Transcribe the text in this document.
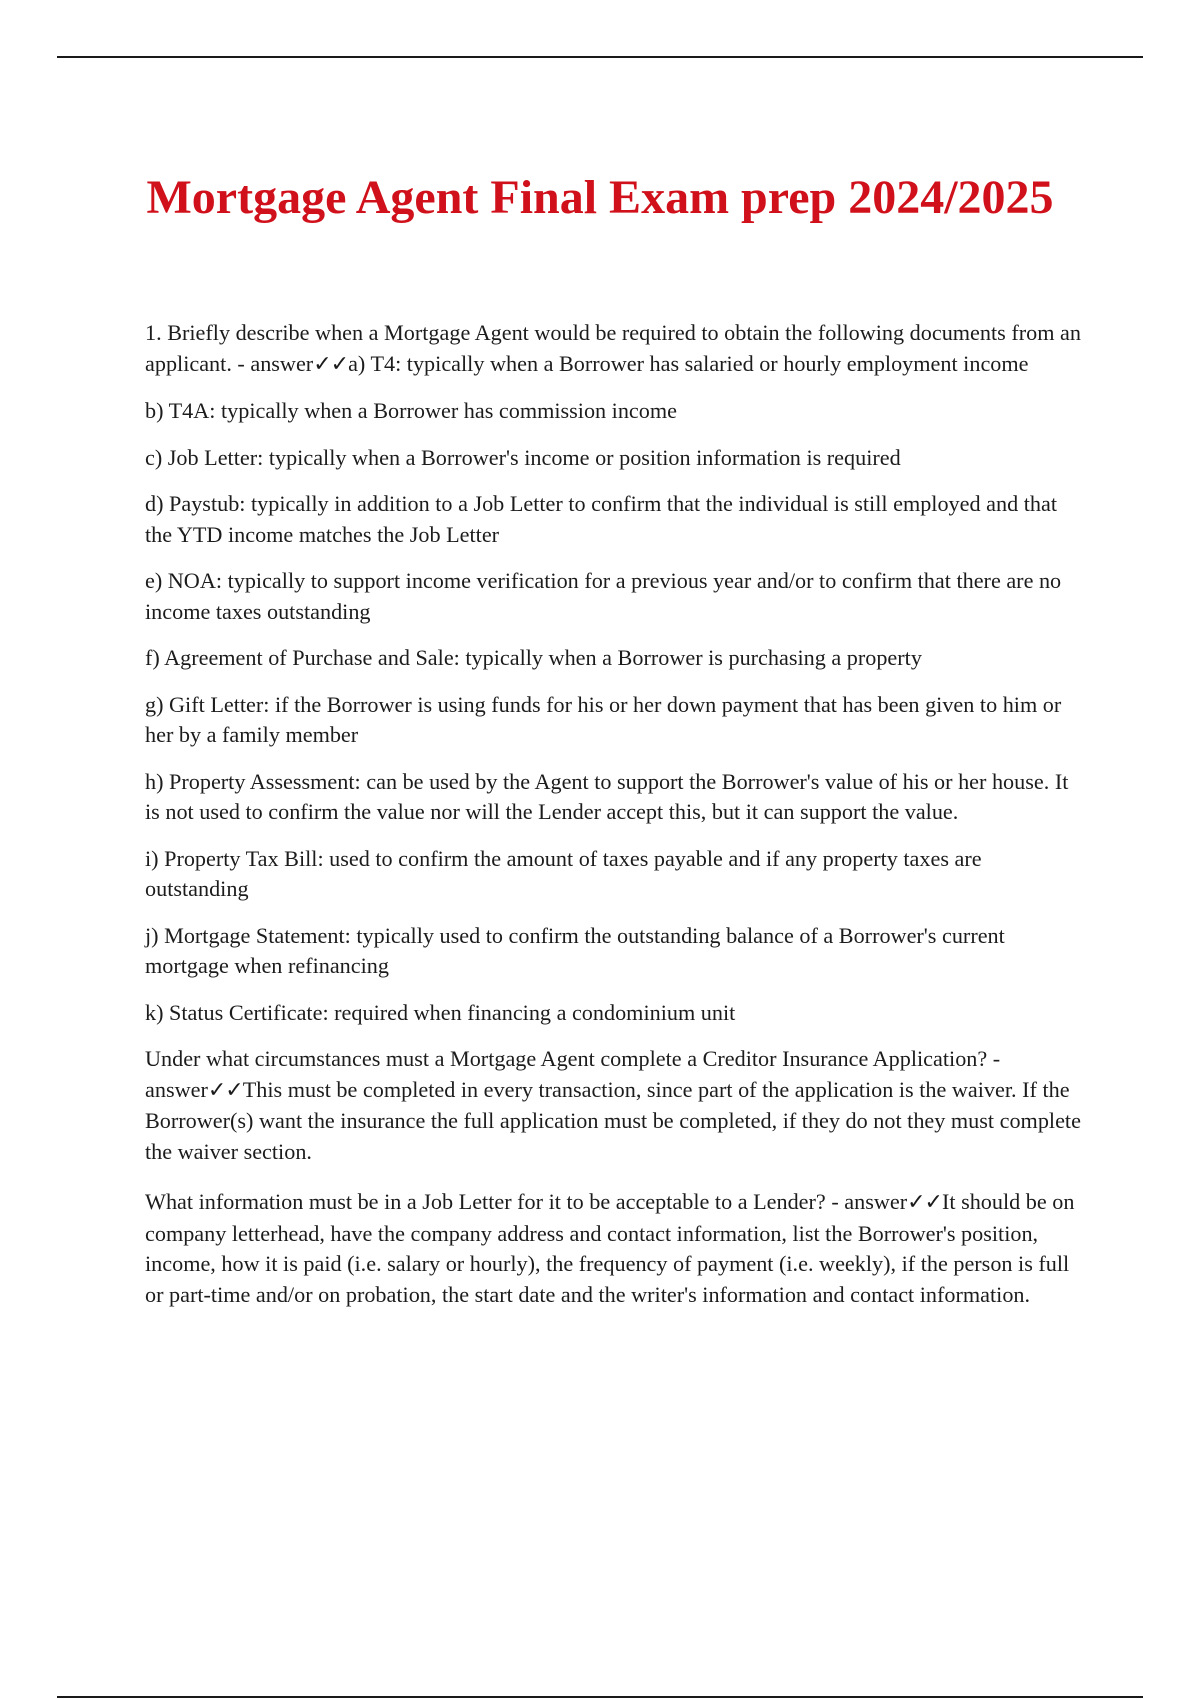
Mortgage Agent Final Exam prep 2024/2025

1. Briefly describe when a Mortgage Agent would be required to obtain the following documents from an applicant. - answer✓✓a) T4: typically when a Borrower has salaried or hourly employment income

b) T4A: typically when a Borrower has commission income

c) Job Letter: typically when a Borrower's income or position information is required

d) Paystub: typically in addition to a Job Letter to confirm that the individual is still employed and that the YTD income matches the Job Letter

e) NOA: typically to support income verification for a previous year and/or to confirm that there are no income taxes outstanding

f) Agreement of Purchase and Sale: typically when a Borrower is purchasing a property

g) Gift Letter: if the Borrower is using funds for his or her down payment that has been given to him or her by a family member

h) Property Assessment: can be used by the Agent to support the Borrower's value of his or her house. It is not used to confirm the value nor will the Lender accept this, but it can support the value.

i) Property Tax Bill: used to confirm the amount of taxes payable and if any property taxes are outstanding

j) Mortgage Statement: typically used to confirm the outstanding balance of a Borrower's current mortgage when refinancing

k) Status Certificate: required when financing a condominium unit

Under what circumstances must a Mortgage Agent complete a Creditor Insurance Application? - answer✓✓This must be completed in every transaction, since part of the application is the waiver. If the Borrower(s) want the insurance the full application must be completed, if they do not they must complete the waiver section.

What information must be in a Job Letter for it to be acceptable to a Lender? - answer✓✓It should be on company letterhead, have the company address and contact information, list the Borrower's position, income, how it is paid (i.e. salary or hourly), the frequency of payment (i.e. weekly), if the person is full or part-time and/or on probation, the start date and the writer's information and contact information.
